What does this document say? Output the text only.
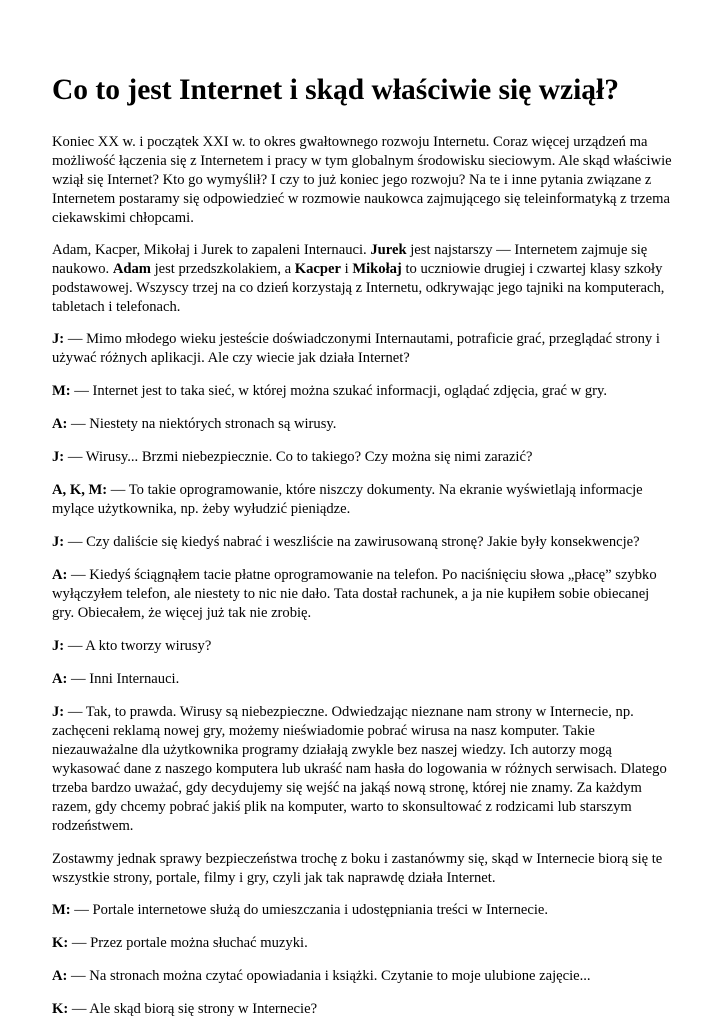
Co to jest Internet i skąd właściwie się wziął?

Koniec XX w. i początek XXI w. to okres gwałtownego rozwoju Internetu. Coraz więcej urządzeń ma możliwość łączenia się z Internetem i pracy w tym globalnym środowisku sieciowym. Ale skąd właściwie wziął się Internet? Kto go wymyślił? I czy to już koniec jego rozwoju? Na te i inne pytania związane z Internetem postaramy się odpowiedzieć w rozmowie naukowca zajmującego się teleinformatyką z trzema ciekawskimi chłopcami.

Adam, Kacper, Mikołaj i Jurek to zapaleni Internauci. Jurek jest najstarszy — Internetem zajmuje się naukowo. Adam jest przedszkolakiem, a Kacper i Mikołaj to uczniowie drugiej i czwartej klasy szkoły podstawowej. Wszyscy trzej na co dzień korzystają z Internetu, odkrywając jego tajniki na komputerach, tabletach i telefonach.

J: — Mimo młodego wieku jesteście doświadczonymi Internautami, potraficie grać, przeglądać strony i używać różnych aplikacji. Ale czy wiecie jak działa Internet?

M: — Internet jest to taka sieć, w której można szukać informacji, oglądać zdjęcia, grać w gry.

A: — Niestety na niektórych stronach są wirusy.

J: — Wirusy... Brzmi niebezpiecznie. Co to takiego? Czy można się nimi zarazić?

A, K, M: — To takie oprogramowanie, które niszczy dokumenty. Na ekranie wyświetlają informacje mylące użytkownika, np. żeby wyłudzić pieniądze.

J: — Czy daliście się kiedyś nabrać i weszliście na zawirusowaną stronę? Jakie były konsekwencje?

A: — Kiedyś ściągnąłem tacie płatne oprogramowanie na telefon. Po naciśnięciu słowa „płacę” szybko wyłączyłem telefon, ale niestety to nic nie dało. Tata dostał rachunek, a ja nie kupiłem sobie obiecanej gry. Obiecałem, że więcej już tak nie zrobię.

J: — A kto tworzy wirusy?

A: — Inni Internauci.

J: — Tak, to prawda. Wirusy są niebezpieczne. Odwiedzając nieznane nam strony w Internecie, np. zachęceni reklamą nowej gry, możemy nieświadomie pobrać wirusa na nasz komputer. Takie niezauważalne dla użytkownika programy działają zwykle bez naszej wiedzy. Ich autorzy mogą wykasować dane z naszego komputera lub ukraść nam hasła do logowania w różnych serwisach. Dlatego trzeba bardzo uważać, gdy decydujemy się wejść na jakąś nową stronę, której nie znamy. Za każdym razem, gdy chcemy pobrać jakiś plik na komputer, warto to skonsultować z rodzicami lub starszym rodzeństwem.

Zostawmy jednak sprawy bezpieczeństwa trochę z boku i zastanówmy się, skąd w Internecie biorą się te wszystkie strony, portale, filmy i gry, czyli jak tak naprawdę działa Internet.

M: — Portale internetowe służą do umieszczania i udostępniania treści w Internecie.

K: — Przez portale można słuchać muzyki.

A: — Na stronach można czytać opowiadania i książki. Czytanie to moje ulubione zajęcie...

K: — Ale skąd biorą się strony w Internecie?
